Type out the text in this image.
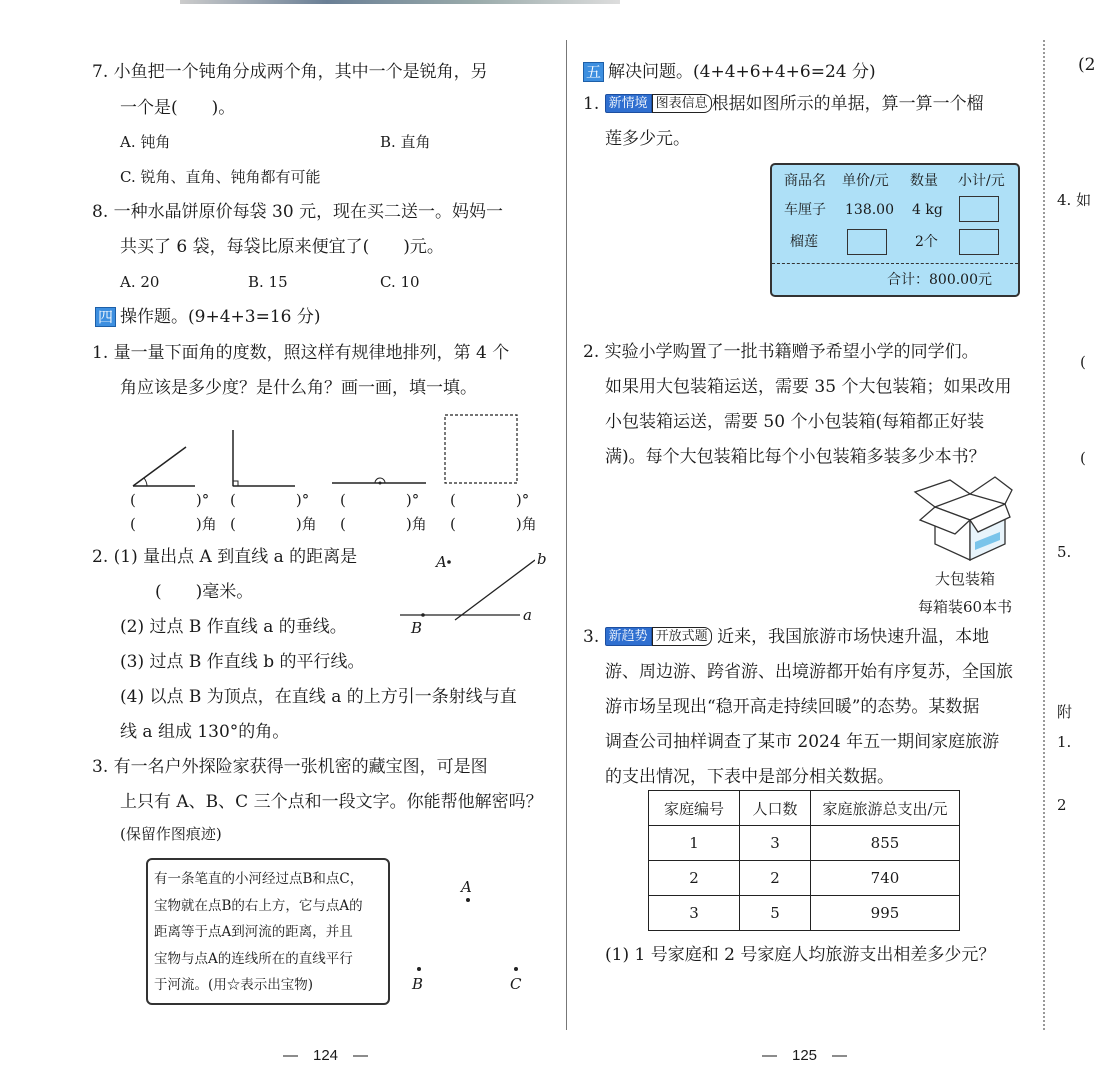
7. 小鱼把一个钝角分成两个角，其中一个是锐角，另
一个是(　　)。
A. 钝角	B. 直角
C. 锐角、直角、钝角都有可能
8. 一种水晶饼原价每袋 30 元，现在买二送一。妈妈一
共买了 6 袋，每袋比原来便宜了(　　)元。
A. 20	B. 15	C. 10
四 操作题。(9+4+3=16 分)
1. 量一量下面角的度数，照这样有规律地排列，第 4 个
角应该是多少度？是什么角？画一画，填一填。
(　　　　)° (　　　　)° (　　　　)° (　　　　)°
(　　　　)角 (　　　　)角 (　　　　)角 (　　　　)角
2. (1) 量出点 A 到直线 a 的距离是
(　　)毫米。
(2) 过点 B 作直线 a 的垂线。
(3) 过点 B 作直线 b 的平行线。
(4) 以点 B 为顶点，在直线 a 的上方引一条射线与直
线 a 组成 130°的角。
A
B
a
b
3. 有一名户外探险家获得一张机密的藏宝图，可是图
上只有 A、B、C 三个点和一段文字。你能帮他解密吗？
(保留作图痕迹)
有一条笔直的小河经过点B和点C，
宝物就在点B的右上方，它与点A的
距离等于点A到河流的距离，并且
宝物与点A的连线所在的直线平行
于河流。(用☆表示出宝物)
A
B	C
—　124　—
五 解决问题。(4+4+6+4+6=24 分)
1. 新情境 图表信息 根据如图所示的单据，算一算一个榴
莲多少元。
商品名 单价/元 数量 小计/元
车厘子 138.00 4 kg
榴莲	2个
合计：800.00元
2. 实验小学购置了一批书籍赠予希望小学的同学们。
如果用大包装箱运送，需要 35 个大包装箱；如果改用
小包装箱运送，需要 50 个小包装箱(每箱都正好装
满)。每个大包装箱比每个小包装箱多装多少本书？
大包装箱
每箱装60本书
3. 新趋势 开放式题 近来，我国旅游市场快速升温，本地
游、周边游、跨省游、出境游都开始有序复苏，全国旅
游市场呈现出“稳开高走持续回暖”的态势。某数据
调查公司抽样调查了某市 2024 年五一期间家庭旅游
的支出情况，下表中是部分相关数据。
家庭编号	人口数	家庭旅游总支出/元
1	3	855
2	2	740
3	5	995
(1) 1 号家庭和 2 号家庭人均旅游支出相差多少元？
—　125　—
(2
4. 如
(
(
5.
附
1.
2
